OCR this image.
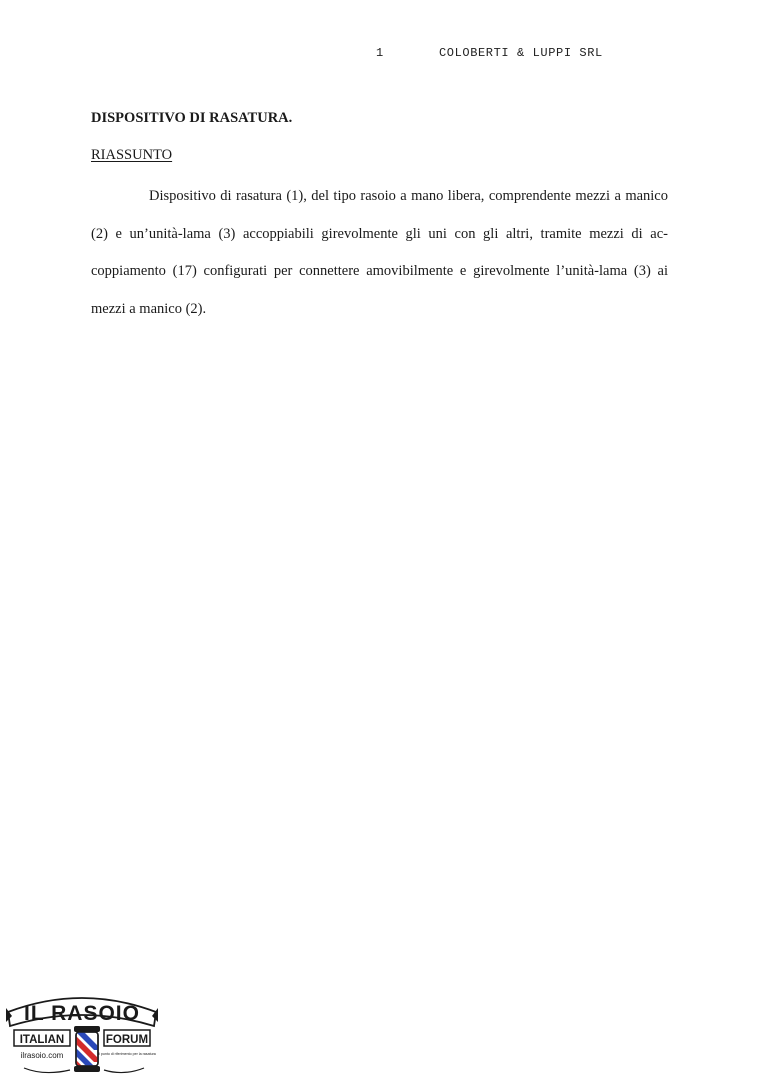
1	COLOBERTI & LUPPI SRL
DISPOSITIVO DI RASATURA.
RIASSUNTO

Dispositivo di rasatura (1), del tipo rasoio a mano libera, comprendente mezzi a manico (2) e un’unità-lama (3) accoppiabili girevolmente gli uni con gli altri, tramite mezzi di accoppiamento (17) configurati per connettere amovibilmente e girevolmente l’unità-lama (3) ai mezzi a manico (2).

IL RASOIO
ITALIAN	FORUM
ilrasoio.com	il punto di riferimento per la rasatura
